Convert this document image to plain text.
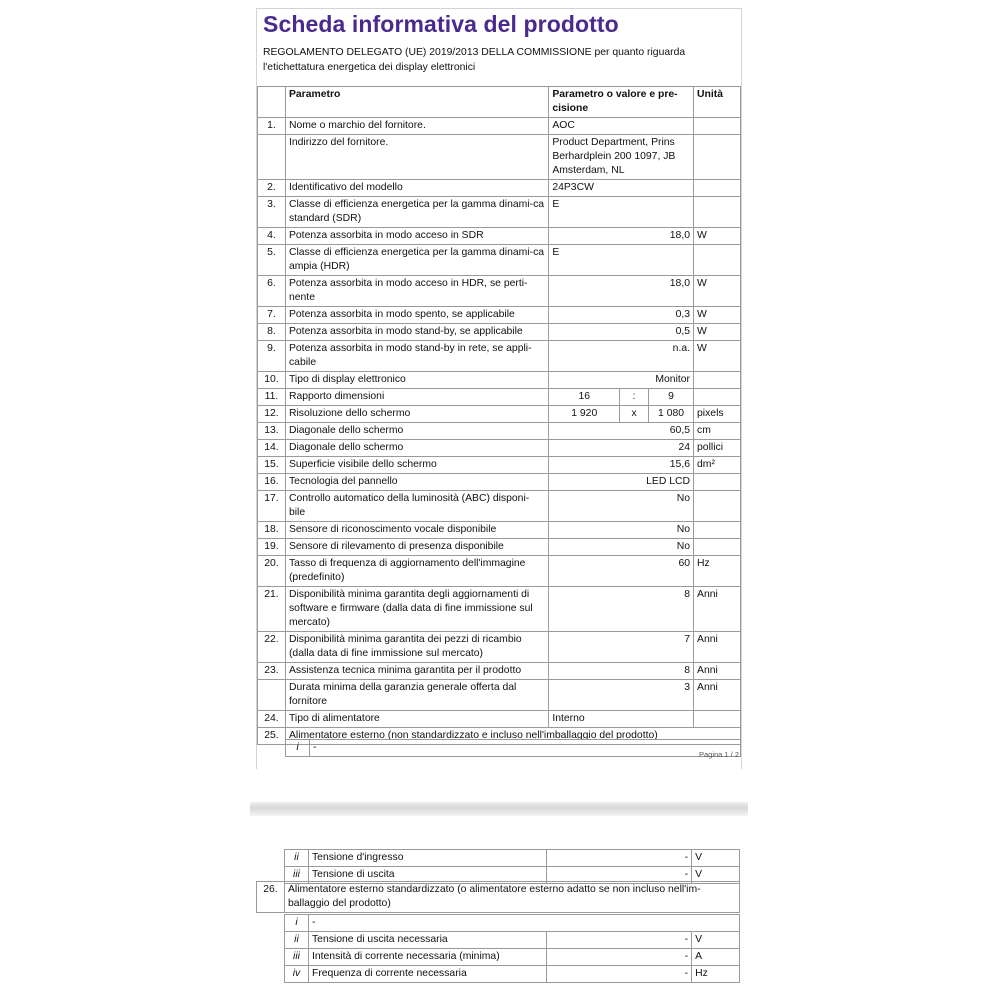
Scheda informativa del prodotto
REGOLAMENTO DELEGATO (UE) 2019/2013 DELLA COMMISSIONE per quanto riguarda l'etichettatura energetica dei display elettronici
	Parametro	Parametro o valore e pre-cisione			Unità
1.	Nome o marchio del fornitore.	AOC			
	Indirizzo del fornitore.	Product Department, Prins Berhardplein 200 1097, JB Amsterdam, NL			
2.	Identificativo del modello	24P3CW			
3.	Classe di efficienza energetica per la gamma dinami-ca standard (SDR)	E			
4.	Potenza assorbita in modo acceso in SDR	18,0			W
5.	Classe di efficienza energetica per la gamma dinami-ca ampia (HDR)	E			
6.	Potenza assorbita in modo acceso in HDR, se perti-nente	18,0			W
7.	Potenza assorbita in modo spento, se applicabile	0,3			W
8.	Potenza assorbita in modo stand-by, se applicabile	0,5			W
9.	Potenza assorbita in modo stand-by in rete, se appli-cabile	n.a.			W
10.	Tipo di display elettronico	Monitor			
11.	Rapporto dimensioni	16	:	9	
12.	Risoluzione dello schermo	1 920	x	1 080	pixels
13.	Diagonale dello schermo	60,5			cm
14.	Diagonale dello schermo	24			pollici
15.	Superficie visibile dello schermo	15,6			dm²
16.	Tecnologia del pannello	LED LCD			
17.	Controllo automatico della luminosità (ABC) disponi-bile	No			
18.	Sensore di riconoscimento vocale disponibile	No			
19.	Sensore di rilevamento di presenza disponibile	No			
20.	Tasso di frequenza di aggiornamento dell'immagine (predefinito)	60			Hz
21.	Disponibilità minima garantita degli aggiornamenti di software e firmware (dalla data di fine immissione sul mercato)	8			Anni
22.	Disponibilità minima garantita dei pezzi di ricambio (dalla data di fine immissione sul mercato)	7			Anni
23.	Assistenza tecnica minima garantita per il prodotto	8			Anni
	Durata minima della garanzia generale offerta dal fornitore	3			Anni
24.	Tipo di alimentatore	Interno			
25.	Alimentatore esterno (non standardizzato e incluso nell'imballaggio del prodotto)				
i	-
Pagina 1 / 2
ii	Tensione d'ingresso	-	V
iii	Tensione di uscita	-	V
26.	Alimentatore esterno standardizzato (o alimentatore esterno adatto se non incluso nell'im-ballaggio del prodotto)
i	-		
ii	Tensione di uscita necessaria	-	V
iii	Intensità di corrente necessaria (minima)	-	A
iv	Frequenza di corrente necessaria	-	Hz
